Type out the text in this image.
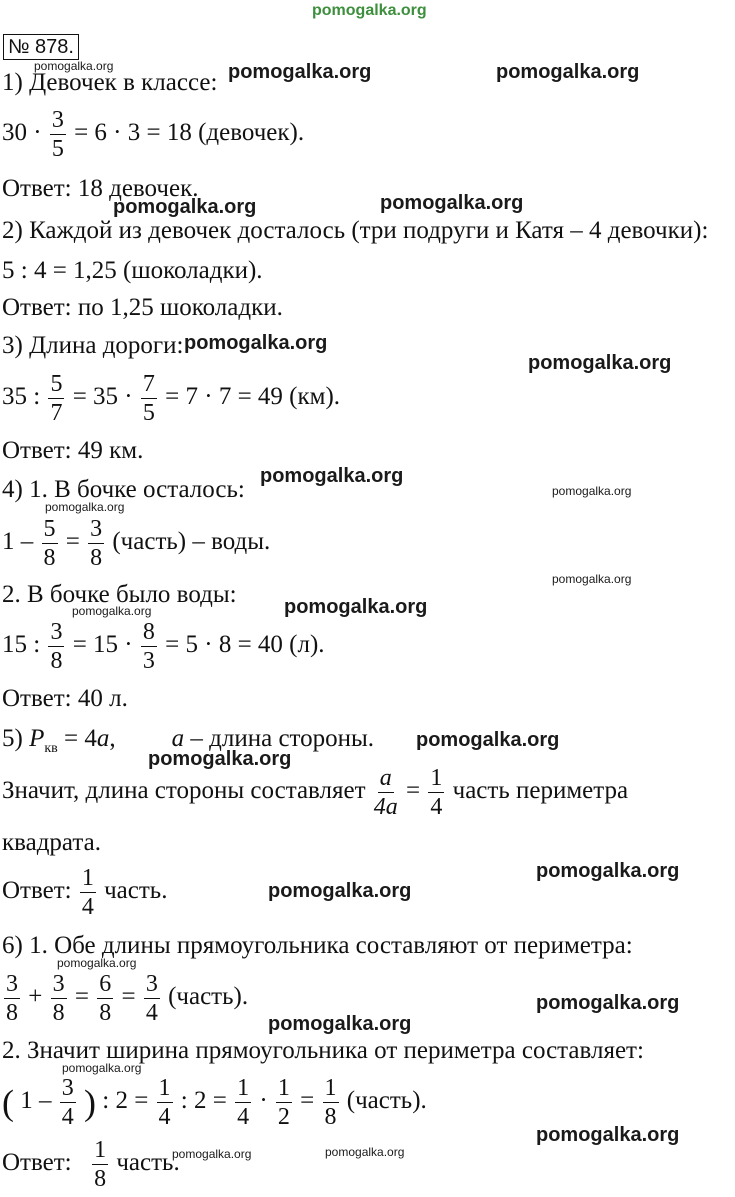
pomogalka.org
№ 878.
1) Девочек в классе:
$30 \cdot \frac{3}{5} = 6 \cdot 3 = 18$ (девочек).
Ответ: 18 девочек.
2) Каждой из девочек досталось (три подруги и Катя – 4 девочки):
5 : 4 = 1,25 (шоколадки).
Ответ: по 1,25 шоколадки.
3) Длина дороги:
35 : $\frac{5}{7} = 35 \cdot \frac{7}{5} = 7 \cdot 7 = 49$ (км).
Ответ: 49 км.
4) 1. В бочке осталось:
$1 - \frac{5}{8} = \frac{3}{8}$ (часть) – воды.
2. В бочке было воды:
15 : $\frac{3}{8} = 15 \cdot \frac{8}{3} = 5 \cdot 8 = 40$ (л).
Ответ: 40 л.
5) $P_{кв} = 4a$, a – длина стороны.
Значит, длина стороны составляет $\frac{a}{4a} = \frac{1}{4}$ часть периметра
квадрата.
Ответ: $\frac{1}{4}$ часть.
6) 1. Обе длины прямоугольника составляют от периметра:
$\frac{3}{8} + \frac{3}{8} = \frac{6}{8} = \frac{3}{4}$ (часть).
2. Значит ширина прямоугольника от периметра составляет:
( $1 - \frac{3}{4}$ ) : $2 = \frac{1}{4}$ : $2 = \frac{1}{4} \cdot \frac{1}{2} = \frac{1}{8}$ (часть).
Ответ: $\frac{1}{8}$ часть.
pomogalka.org	pomogalka.org	pomogalka.org
pomogalka.org
pomogalka.org
pomogalka.org
pomogalka.org
pomogalka.org
pomogalka.org
pomogalka.org
pomogalka.org
pomogalka.org	pomogalka.org
pomogalka.org
pomogalka.org
pomogalka.org
pomogalka.org
pomogalka.org
pomogalka.org
pomogalka.org
pomogalka.org
pomogalka.org
pomogalka.org	pomogalka.org
